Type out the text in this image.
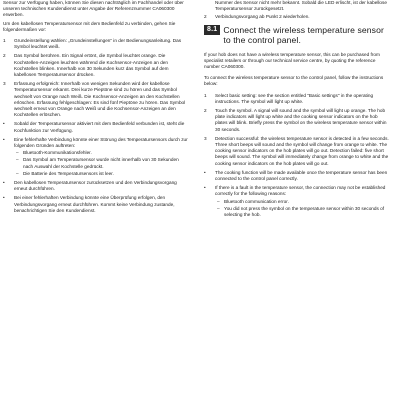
Sensor zur Verfügung haben, können Sie diesen nachträglich im Fachhandel oder über unseren technischen Kundendienst unter Angabe der Referenznummer CA060300 erwerben.

Um den kabellosen Temperatursensor mit dem Bedienfeld zu verbinden, gehen Sie folgendermaßen vor:

1 Grundeinstellung wählen: „Grundeinstellungen“ in der Bedienungsanleitung. Das Symbol leuchtet weiß.
2 Das Symbol berühren. Ein Signal ertönt, die Symbol leuchtet orange. Die Kochstellen-Anzeigen leuchten während die Kochsensor-Anzeigen an den Kochstellen blinken. Innerhalb von 30 Sekunden kurz das Symbol auf dem kabellosen Temperatursensor drücken.
3 Erfassung erfolgreich: Innerhalb von wenigen Sekunden wird der kabellose Temperatursensor erkannt. Drei kurze Pieptöne sind zu hören und das Symbol wechselt von Orange nach Weiß. Die Kochsensor-Anzeigen an den Kochstellen erlöschen. Erfassung fehlgeschlagen: Es sind fünf Pieptöne zu hören. Das Symbol wechselt erneut von Orange nach Weiß und die Kochsensor-Anzeigen an den Kochstellen erlöschen.
• Sobald der Temperatursensor aktiviert mit dem Bedienfeld verbunden ist, steht die Kochfunktion zur Verfügung.
• Eine fehlerhafte Verbindung könnte einer Störung des Temperatursensors durch zur folgenden Gründen auftreten:
– Bluetooth-Kommunikationsfehler.
– Das Symbol am Temperatursensor wurde nicht innerhalb von 30 Sekunden nach Auswahl der Kochstelle gedrückt.
– Die Batterie des Temperatursensors ist leer.
• Den kabellosen Temperatursensor zurücksetzen und den Verbindungsvorgang erneut durchführen.
• Bei einer fehlerhaften Verbindung könnte eine Überprüfung erfolgen, den Verbindungsvorgang erneut durchführen. Kommt keine Verbindung zustande, benachrichtigen Sie den Kundendienst.

Nummer des Sensor nicht mehr bekannt. Sobald die LED erlischt, ist der kabellose Temperatursensor zurückgesetzt.

2 Verbindungsvorgang ab Punkt 2 wiederholen.
8.1 Connect the wireless temperature sensor to the control panel.

If your hob does not have a wireless temperature sensor, this can be purchased from specialist retailers or through our technical service centre, by quoting the reference number CA060300.

To connect the wireless temperature sensor to the control panel, follow the instructions below:

1 Select basic setting: see the section entitled "Basic settings" in the operating instructions. The symbol will light up white.
2 Touch the symbol. A signal will sound and the symbol will light up orange. The hob plate indicators will light up white and the cooking sensor indicators on the hob plates will blink. Briefly press the symbol on the wireless temperature sensor within 30 seconds.
3 Detection successful: the wireless temperature sensor is detected in a few seconds. Three short beeps will sound and the symbol will change from orange to white. The cooking sensor indicators on the hob plates will go out. Detection failed: five short beeps will sound. The symbol will immediately change from orange to white and the cooking sensor indicators on the hob plates will go out.
• The cooking function will be made available once the temperature sensor has been connected to the control panel correctly.
• If there is a fault in the temperature sensor, the connection may not be established correctly for the following reasons:
– Bluetooth communication error.
– You did not press the symbol on the temperature sensor within 30 seconds of selecting the hob.
